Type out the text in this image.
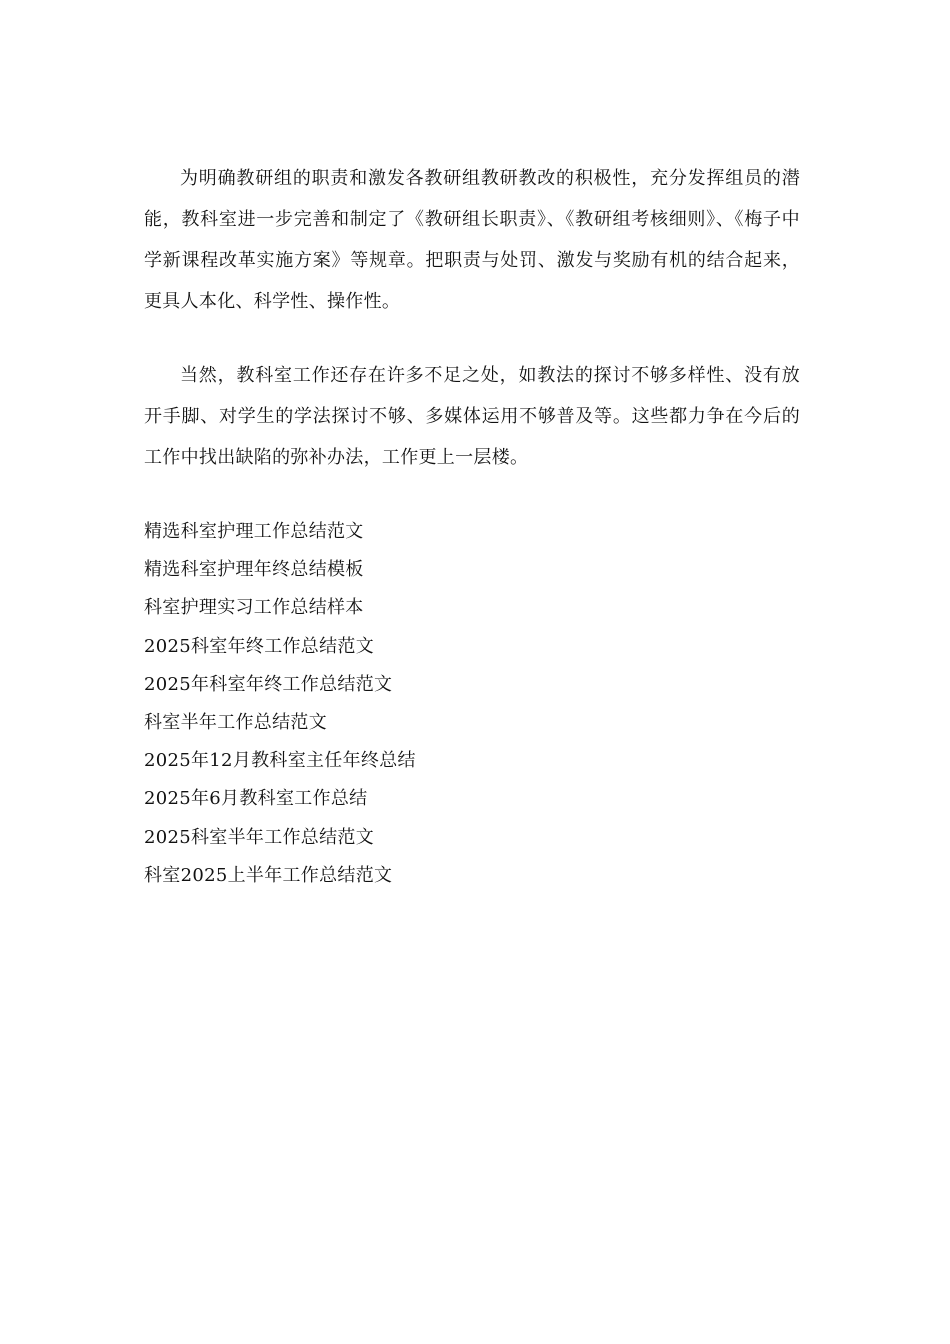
为明确教研组的职责和激发各教研组教研教改的积极性，充分发挥组员的潜能，教科室进一步完善和制定了《教研组长职责》、《教研组考核细则》、《梅子中学新课程改革实施方案》等规章。把职责与处罚、激发与奖励有机的结合起来，更具人本化、科学性、操作性。

当然，教科室工作还存在许多不足之处，如教法的探讨不够多样性、没有放开手脚、对学生的学法探讨不够、多媒体运用不够普及等。这些都力争在今后的工作中找出缺陷的弥补办法，工作更上一层楼。

精选科室护理工作总结范文
精选科室护理年终总结模板
科室护理实习工作总结样本
2025科室年终工作总结范文
2025年科室年终工作总结范文
科室半年工作总结范文
2025年12月教科室主任年终总结
2025年6月教科室工作总结
2025科室半年工作总结范文
科室2025上半年工作总结范文
